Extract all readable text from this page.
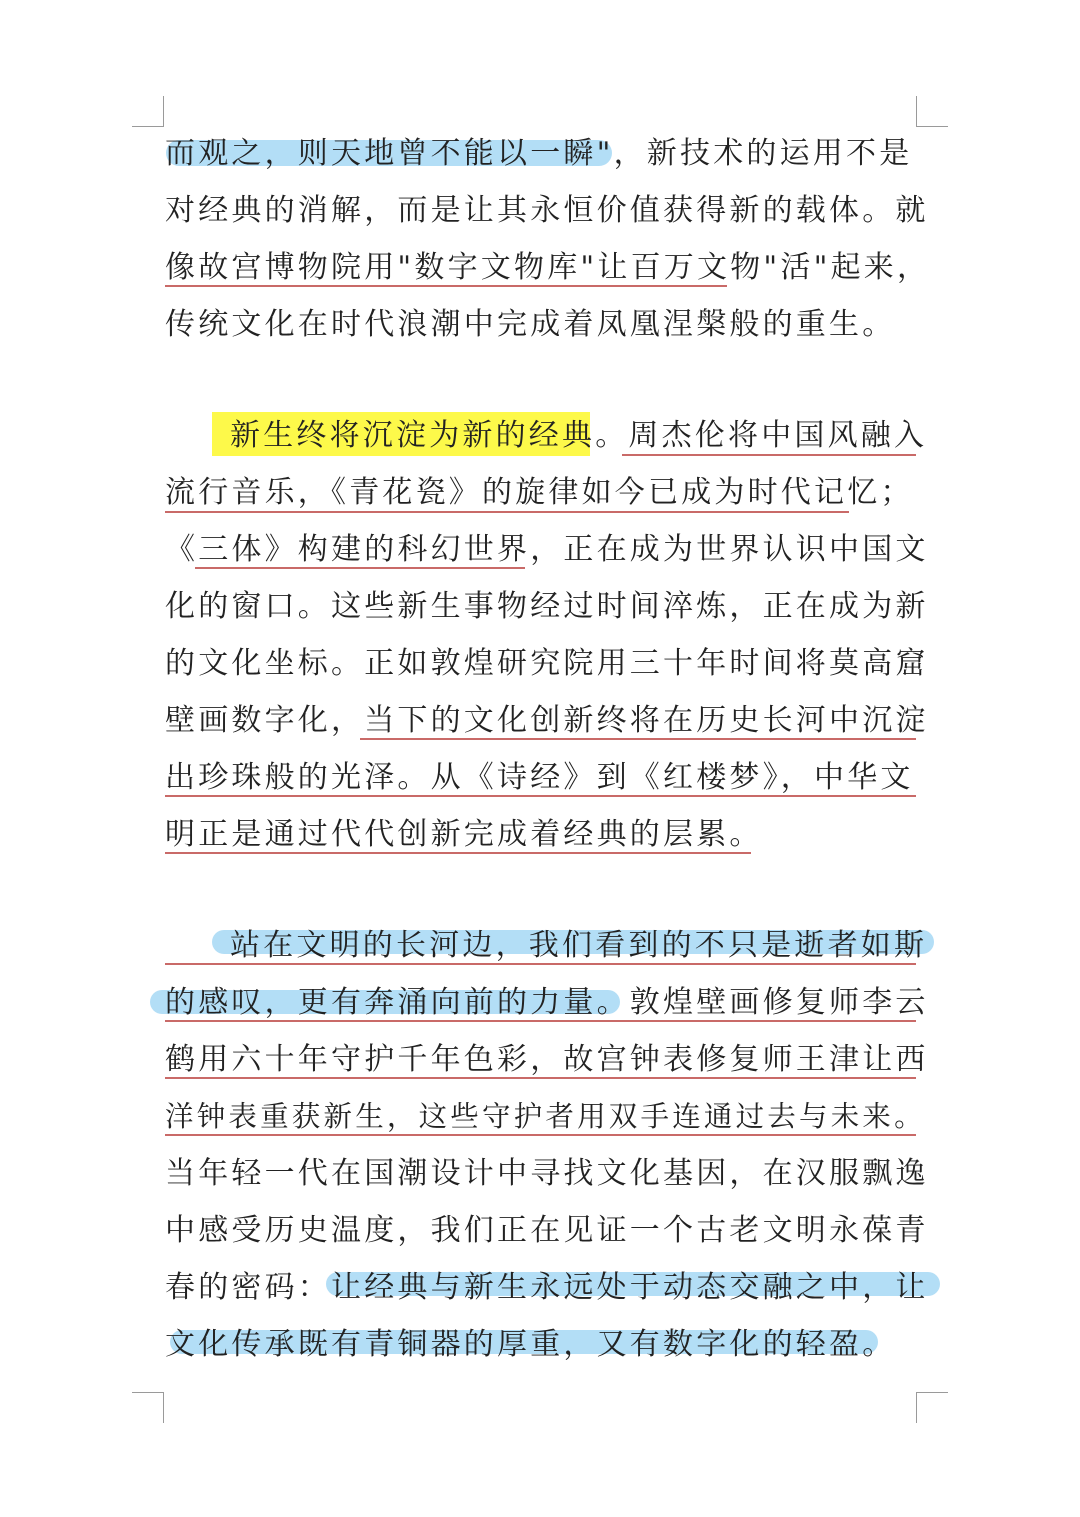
而观之，则天地曾不能以一瞬"，新技术的运用不是
对经典的消解，而是让其永恒价值获得新的载体。就
像故宫博物院用"数字文物库"让百万文物"活"起来，
传统文化在时代浪潮中完成着凤凰涅槃般的重生。
新生终将沉淀为新的经典。周杰伦将中国风融入
流行音乐，《青花瓷》的旋律如今已成为时代记忆；
《三体》构建的科幻世界，正在成为世界认识中国文
化的窗口。这些新生事物经过时间淬炼，正在成为新
的文化坐标。正如敦煌研究院用三十年时间将莫高窟
壁画数字化，当下的文化创新终将在历史长河中沉淀
出珍珠般的光泽。从《诗经》到《红楼梦》，中华文
明正是通过代代创新完成着经典的层累。
站在文明的长河边，我们看到的不只是逝者如斯
的感叹，更有奔涌向前的力量。敦煌壁画修复师李云
鹤用六十年守护千年色彩，故宫钟表修复师王津让西
洋钟表重获新生，这些守护者用双手连通过去与未来。
当年轻一代在国潮设计中寻找文化基因，在汉服飘逸
中感受历史温度，我们正在见证一个古老文明永葆青
春的密码：让经典与新生永远处于动态交融之中，让
文化传承既有青铜器的厚重，又有数字化的轻盈。
